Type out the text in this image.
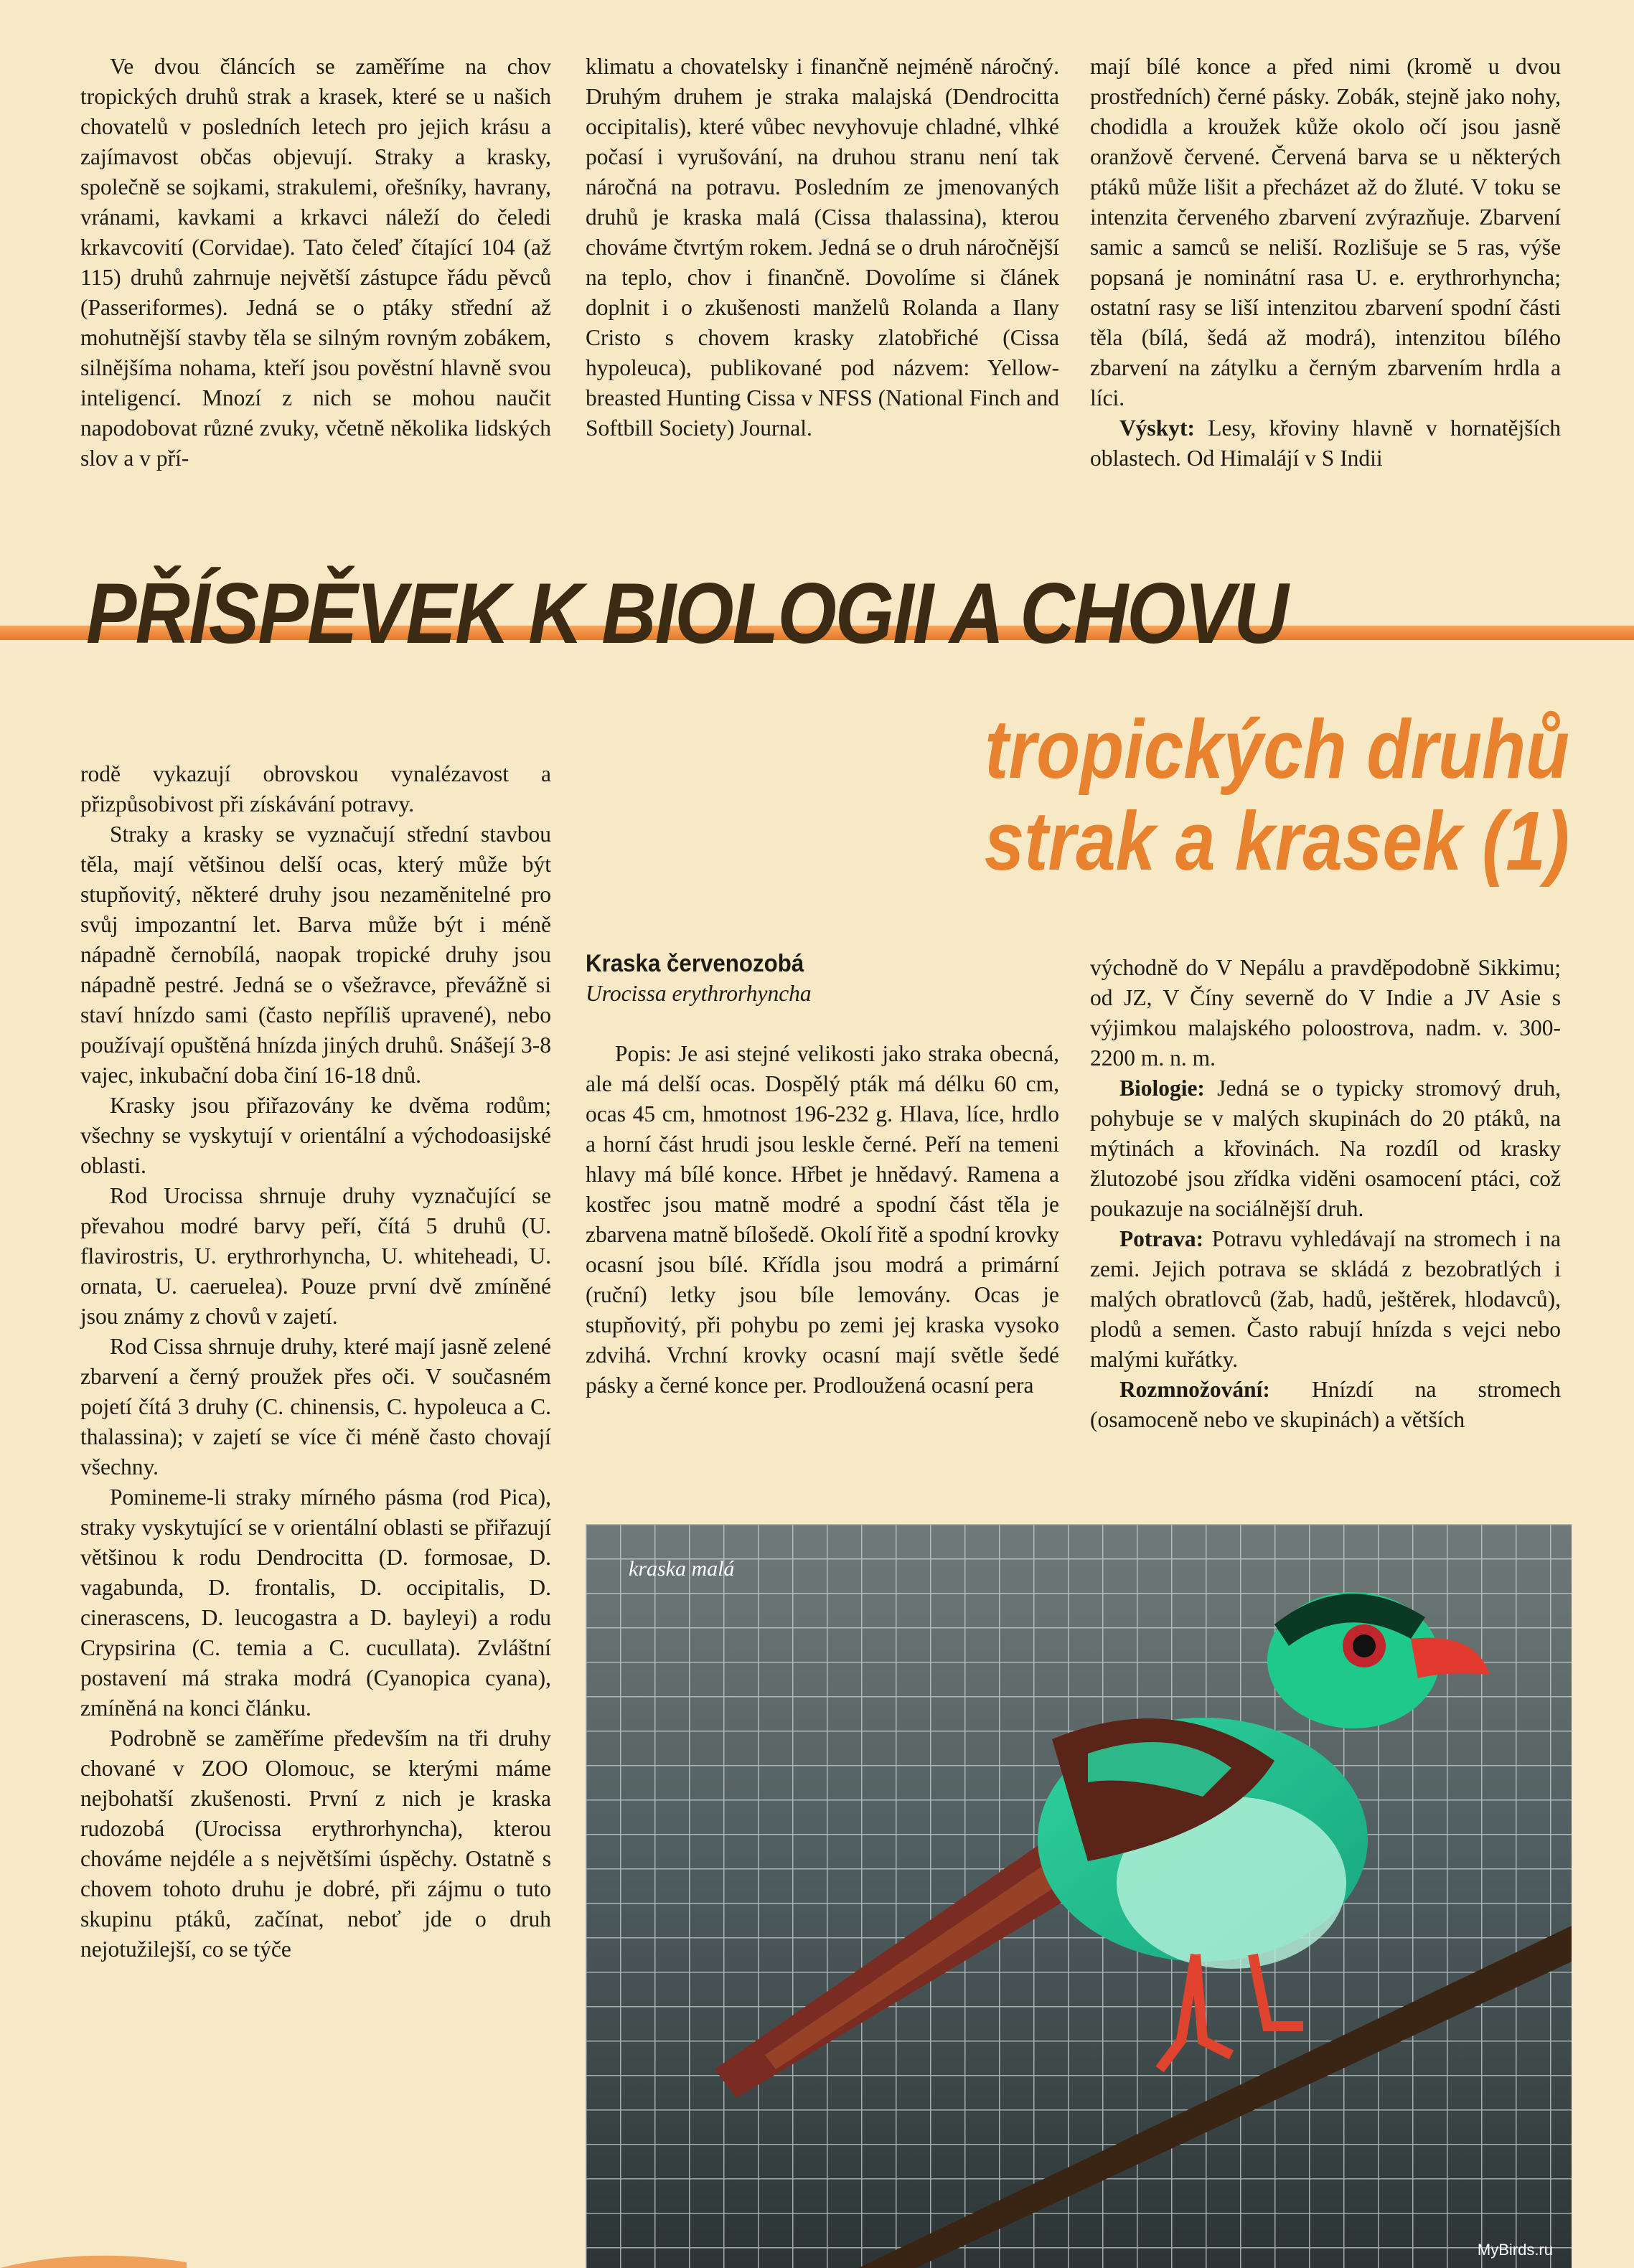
Ve dvou článcích se zaměříme na chov tropických druhů strak a krasek, které se u našich chovatelů v posledních letech pro jejich krásu a zajímavost občas objevují. Straky a krasky, společně se sojkami, strakulemi, ořešníky, havrany, vránami, kavkami a krkavci náleží do čeledi krkavcovití (Corvidae). Tato čeleď čítající 104 (až 115) druhů zahrnuje největší zástupce řádu pěvců (Passeriformes). Jedná se o ptáky střední až mohutnější stavby těla se silným rovným zobákem, silnějšíma nohama, kteří jsou pověstní hlavně svou inteligencí. Mnozí z nich se mohou naučit napodobovat různé zvuky, včetně několika lidských slov a v pří-

klimatu a chovatelsky i finančně nejméně náročný. Druhým druhem je straka malajská (Dendrocitta occipitalis), které vůbec nevyhovuje chladné, vlhké počasí i vyrušování, na druhou stranu není tak náročná na potravu. Posledním ze jmenovaných druhů je kraska malá (Cissa thalassina), kterou chováme čtvrtým rokem. Jedná se o druh náročnější na teplo, chov i finančně. Dovolíme si článek doplnit i o zkušenosti manželů Rolanda a Ilany Cristo s chovem krasky zlatobřiché (Cissa hypoleuca), publikované pod názvem: Yellow-breasted Hunting Cissa v NFSS (National Finch and Softbill Society) Journal.

mají bílé konce a před nimi (kromě u dvou prostředních) černé pásky. Zobák, stejně jako nohy, chodidla a kroužek kůže okolo očí jsou jasně oranžově červené. Červená barva se u některých ptáků může lišit a přecházet až do žluté. V toku se intenzita červeného zbarvení zvýrazňuje. Zbarvení samic a samců se neliší. Rozlišuje se 5 ras, výše popsaná je nominátní rasa U. e. erythrorhyncha; ostatní rasy se liší intenzitou zbarvení spodní části těla (bílá, šedá až modrá), intenzitou bílého zbarvení na zátylku a černým zbarvením hrdla a líci.

Výskyt: Lesy, křoviny hlavně v hornatějších oblastech. Od Himalájí v S Indii

PŘÍSPĚVEK K BIOLOGII A CHOVU
tropických druhů
strak a krasek (1)

rodě vykazují obrovskou vynalézavost a přizpůsobivost při získávání potravy.

Straky a krasky se vyznačují střední stavbou těla, mají většinou delší ocas, který může být stupňovitý, některé druhy jsou nezaměnitelné pro svůj impozantní let. Barva může být i méně nápadně černobílá, naopak tropické druhy jsou nápadně pestré. Jedná se o všežravce, převážně si staví hnízdo sami (často nepříliš upravené), nebo používají opuštěná hnízda jiných druhů. Snášejí 3-8 vajec, inkubační doba činí 16-18 dnů.

Krasky jsou přiřazovány ke dvěma rodům; všechny se vyskytují v orientální a východoasijské oblasti.

Rod Urocissa shrnuje druhy vyznačující se převahou modré barvy peří, čítá 5 druhů (U. flavirostris, U. erythrorhyncha, U. whiteheadi, U. ornata, U. caeruelea). Pouze první dvě zmíněné jsou známy z chovů v zajetí.

Rod Cissa shrnuje druhy, které mají jasně zelené zbarvení a černý proužek přes oči. V současném pojetí čítá 3 druhy (C. chinensis, C. hypoleuca a C. thalassina); v zajetí se více či méně často chovají všechny.

Pomineme-li straky mírného pásma (rod Pica), straky vyskytující se v orientální oblasti se přiřazují většinou k rodu Dendrocitta (D. formosae, D. vagabunda, D. frontalis, D. occipitalis, D. cinerascens, D. leucogastra a D. bayleyi) a rodu Crypsirina (C. temia a C. cucullata). Zvláštní postavení má straka modrá (Cyanopica cyana), zmíněná na konci článku.

Podrobně se zaměříme především na tři druhy chované v ZOO Olomouc, se kterými máme nejbohatší zkušenosti. První z nich je kraska rudozobá (Urocissa erythrorhyncha), kterou chováme nejdéle a s největšími úspěchy. Ostatně s chovem tohoto druhu je dobré, při zájmu o tuto skupinu ptáků, začínat, neboť jde o druh nejotužilejší, co se týče

Kraska červenozobá
Urocissa erythrorhyncha

Popis: Je asi stejné velikosti jako straka obecná, ale má delší ocas. Dospělý pták má délku 60 cm, ocas 45 cm, hmotnost 196-232 g. Hlava, líce, hrdlo a horní část hrudi jsou leskle černé. Peří na temeni hlavy má bílé konce. Hřbet je hnědavý. Ramena a kostřec jsou matně modré a spodní část těla je zbarvena matně bílošedě. Okolí řitě a spodní krovky ocasní jsou bílé. Křídla jsou modrá a primární (ruční) letky jsou bíle lemovány. Ocas je stupňovitý, při pohybu po zemi jej kraska vysoko zdvihá. Vrchní krovky ocasní mají světle šedé pásky a černé konce per. Prodloužená ocasní pera

východně do V Nepálu a pravděpodobně Sikkimu; od JZ, V Číny severně do V Indie a JV Asie s výjimkou malajského poloostrova, nadm. v. 300-2200 m. n. m.

Biologie: Jedná se o typicky stromový druh, pohybuje se v malých skupinách do 20 ptáků, na mýtinách a křovinách. Na rozdíl od krasky žlutozobé jsou zřídka viděni osamocení ptáci, což poukazuje na sociálnější druh.

Potrava: Potravu vyhledávají na stromech i na zemi. Jejich potrava se skládá z bezobratlých i malých obratlovců (žab, hadů, ještěrek, hlodavců), plodů a semen. Často rabují hnízda s vejci nebo malými kuřátky.

Rozmnožování: Hnízdí na stromech (osamoceně nebo ve skupinách) a větších

kraska malá
MyBirds.ru
